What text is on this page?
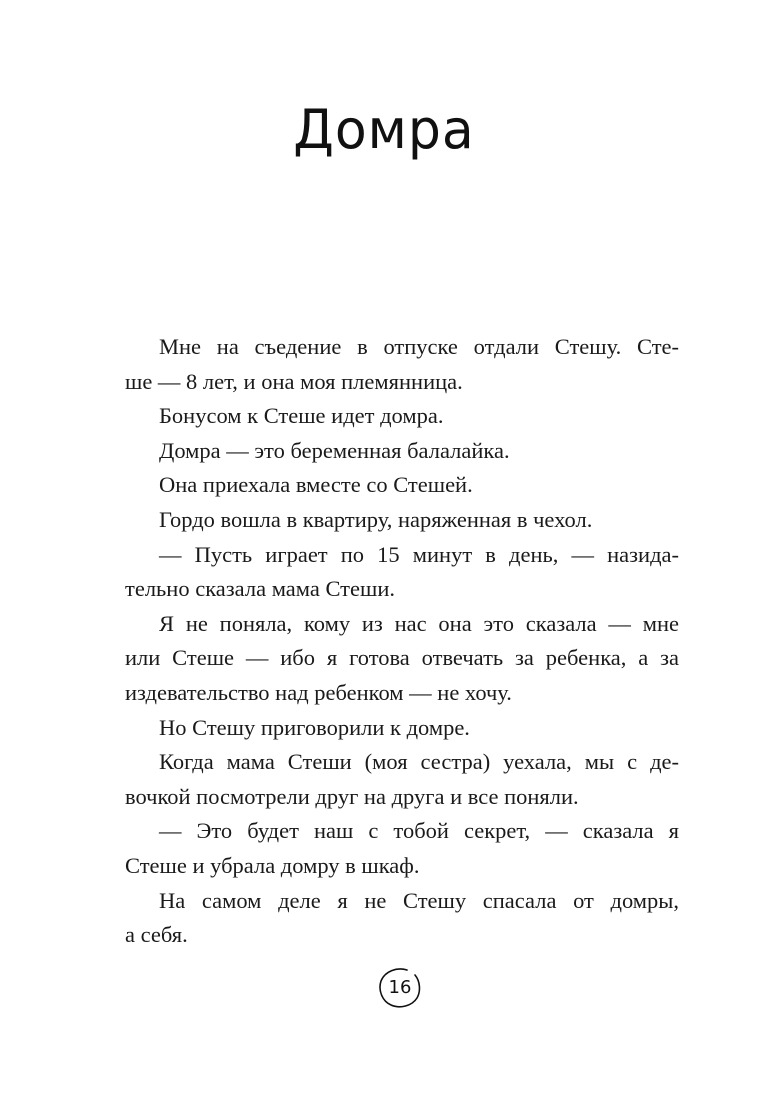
Домра
Мне на съедение в отпуске отдали Стешу. Сте-
ше — 8 лет, и она моя племянница.
Бонусом к Стеше идет домра.
Домра — это беременная балалайка.
Она приехала вместе со Стешей.
Гордо вошла в квартиру, наряженная в чехол.
— Пусть играет по 15 минут в день, — назида-
тельно сказала мама Стеши.
Я не поняла, кому из нас она это сказала — мне
или Стеше — ибо я готова отвечать за ребенка, а за
издевательство над ребенком — не хочу.
Но Стешу приговорили к домре.
Когда мама Стеши (моя сестра) уехала, мы с де-
вочкой посмотрели друг на друга и все поняли.
— Это будет наш с тобой секрет, — сказала я
Стеше и убрала домру в шкаф.
На самом деле я не Стешу спасала от домры,
а себя.
16
